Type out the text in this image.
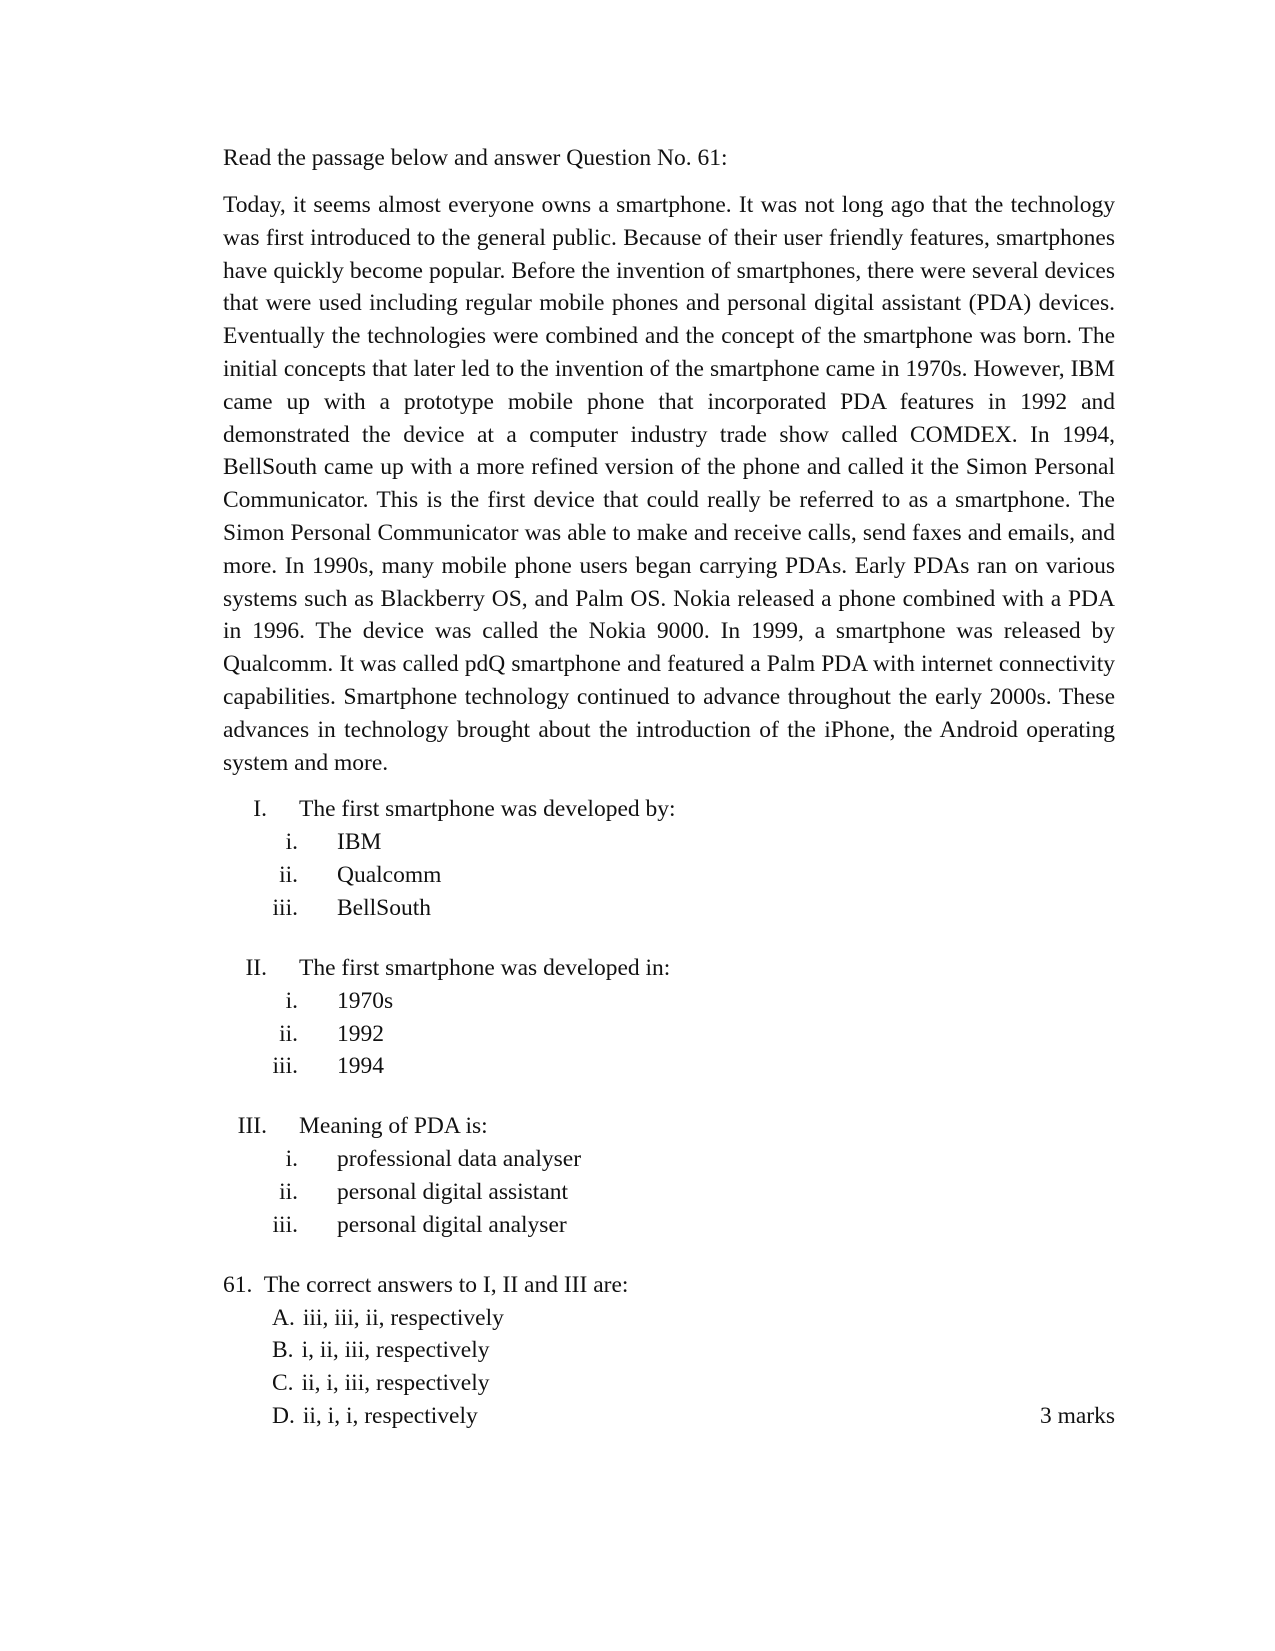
Read the passage below and answer Question No. 61:

Today, it seems almost everyone owns a smartphone. It was not long ago that the technology was first introduced to the general public. Because of their user friendly features, smartphones have quickly become popular. Before the invention of smartphones, there were several devices that were used including regular mobile phones and personal digital assistant (PDA) devices. Eventually the technologies were combined and the concept of the smartphone was born. The initial concepts that later led to the invention of the smartphone came in 1970s. However, IBM came up with a prototype mobile phone that incorporated PDA features in 1992 and demonstrated the device at a computer industry trade show called COMDEX. In 1994, BellSouth came up with a more refined version of the phone and called it the Simon Personal Communicator. This is the first device that could really be referred to as a smartphone. The Simon Personal Communicator was able to make and receive calls, send faxes and emails, and more. In 1990s, many mobile phone users began carrying PDAs. Early PDAs ran on various systems such as Blackberry OS, and Palm OS. Nokia released a phone combined with a PDA in 1996. The device was called the Nokia 9000. In 1999, a smartphone was released by Qualcomm. It was called pdQ smartphone and featured a Palm PDA with internet connectivity capabilities. Smartphone technology continued to advance throughout the early 2000s. These advances in technology brought about the introduction of the iPhone, the Android operating system and more.

I. The first smartphone was developed by:
i. IBM
ii. Qualcomm
iii. BellSouth
II. The first smartphone was developed in:
i. 1970s
ii. 1992
iii. 1994
III. Meaning of PDA is:
i. professional data analyser
ii. personal digital assistant
iii. personal digital analyser
61. The correct answers to I, II and III are:
A. iii, iii, ii, respectively
B. i, ii, iii, respectively
C. ii, i, iii, respectively
D. ii, i, i, respectively	3 marks
